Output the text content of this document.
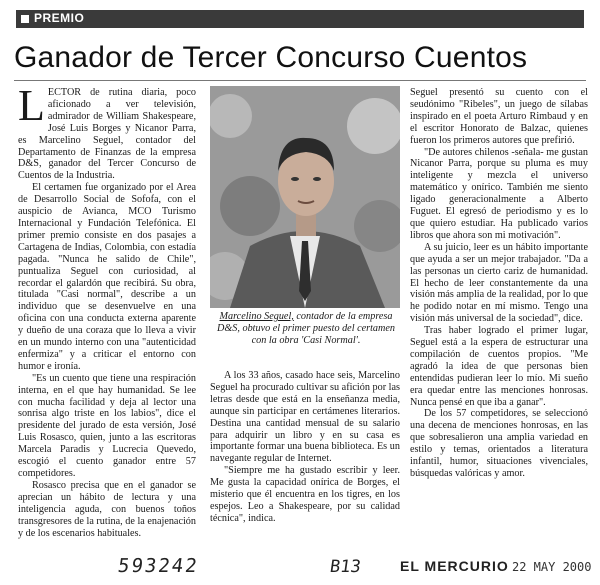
PREMIO
Ganador de Tercer Concurso Cuentos

LECTOR de rutina diaria, poco aficionado a ver televisión, admirador de William Shakespeare, José Luis Borges y Nicanor Parra, es Marcelino Seguel, contador del Departamento de Finanzas de la empresa D&S, ganador del Tercer Concurso de Cuentos de la Industria.

El certamen fue organizado por el Area de Desarrollo Social de Sofofa, con el auspicio de Avianca, MCO Turismo Internacional y Fundación Telefónica. El primer premio consiste en dos pasajes a Cartagena de Indias, Colombia, con estadía pagada. "Nunca he salido de Chile", puntualiza Seguel con curiosidad, al recordar el galardón que recibirá. Su obra, titulada "Casi normal", describe a un individuo que se desenvuelve en una oficina con una conducta externa aparente y dueño de una coraza que lo lleva a vivir en un mundo interno con una "autenticidad enfermiza" y a criticar el entorno con humor e ironía.

"Es un cuento que tiene una respiración interna, en el que hay humanidad. Se lee con mucha facilidad y deja al lector una sonrisa algo triste en los labios", dice el presidente del jurado de esta versión, José Luis Rosasco, quien, junto a las escritoras Marcela Paradis y Lucrecia Quevedo, escogió el cuento ganador entre 57 competidores.

Rosasco precisa que en el ganador se aprecian un hábito de lectura y una inteligencia aguda, con buenos toños transgresores de la rutina, de la enajenación y de los escenarios habituales.

Marcelino Seguel, contador de la empresa D&S, obtuvo el primer puesto del certamen con la obra 'Casi Normal'.

A los 33 años, casado hace seis, Marcelino Seguel ha procurado cultivar su afición por las letras desde que está en la enseñanza media, aunque sin participar en certámenes literarios. Destina una cantidad mensual de su salario para adquirir un libro y en su casa es importante formar una buena biblioteca. Es un navegante regular de Internet.

"Siempre me ha gustado escribir y leer. Me gusta la capacidad onírica de Borges, el misterio que él encuentra en los tigres, en los espejos. Leo a Shakespeare, por su calidad técnica", indica.

Seguel presentó su cuento con el seudónimo "Ribeles", un juego de sílabas inspirado en el poeta Arturo Rimbaud y en el escritor Honorato de Balzac, quienes fueron los primeros autores que prefirió.

"De autores chilenos -señala- me gustan Nicanor Parra, porque su pluma es muy inteligente y mezcla el universo matemático y onírico. También me siento ligado generacionalmente a Alberto Fuguet. El egresó de periodismo y es lo que quiero estudiar. Ha publicado varios libros que ahora son mi motivación".

A su juicio, leer es un hábito importante que ayuda a ser un mejor trabajador. "Da a las personas un cierto cariz de humanidad. El hecho de leer constantemente da una visión más amplia de la realidad, por lo que he podido notar en mí mismo. Tengo una visión más universal de la sociedad", dice.

Tras haber logrado el primer lugar, Seguel está a la espera de estructurar una compilación de cuentos propios. "Me agradó la idea de que personas bien entendidas pudieran leer lo mío. Mi sueño era quedar entre las menciones honrosas. Nunca pensé en que iba a ganar".

De los 57 competidores, se seleccionó una decena de menciones honrosas, en las que sobresalieron una amplia variedad en estilo y temas, orientados a literatura infantil, humor, situaciones vivenciales, búsquedas valóricas y amor.

593242	B13	EL MERCURIO 22 MAY 2000
